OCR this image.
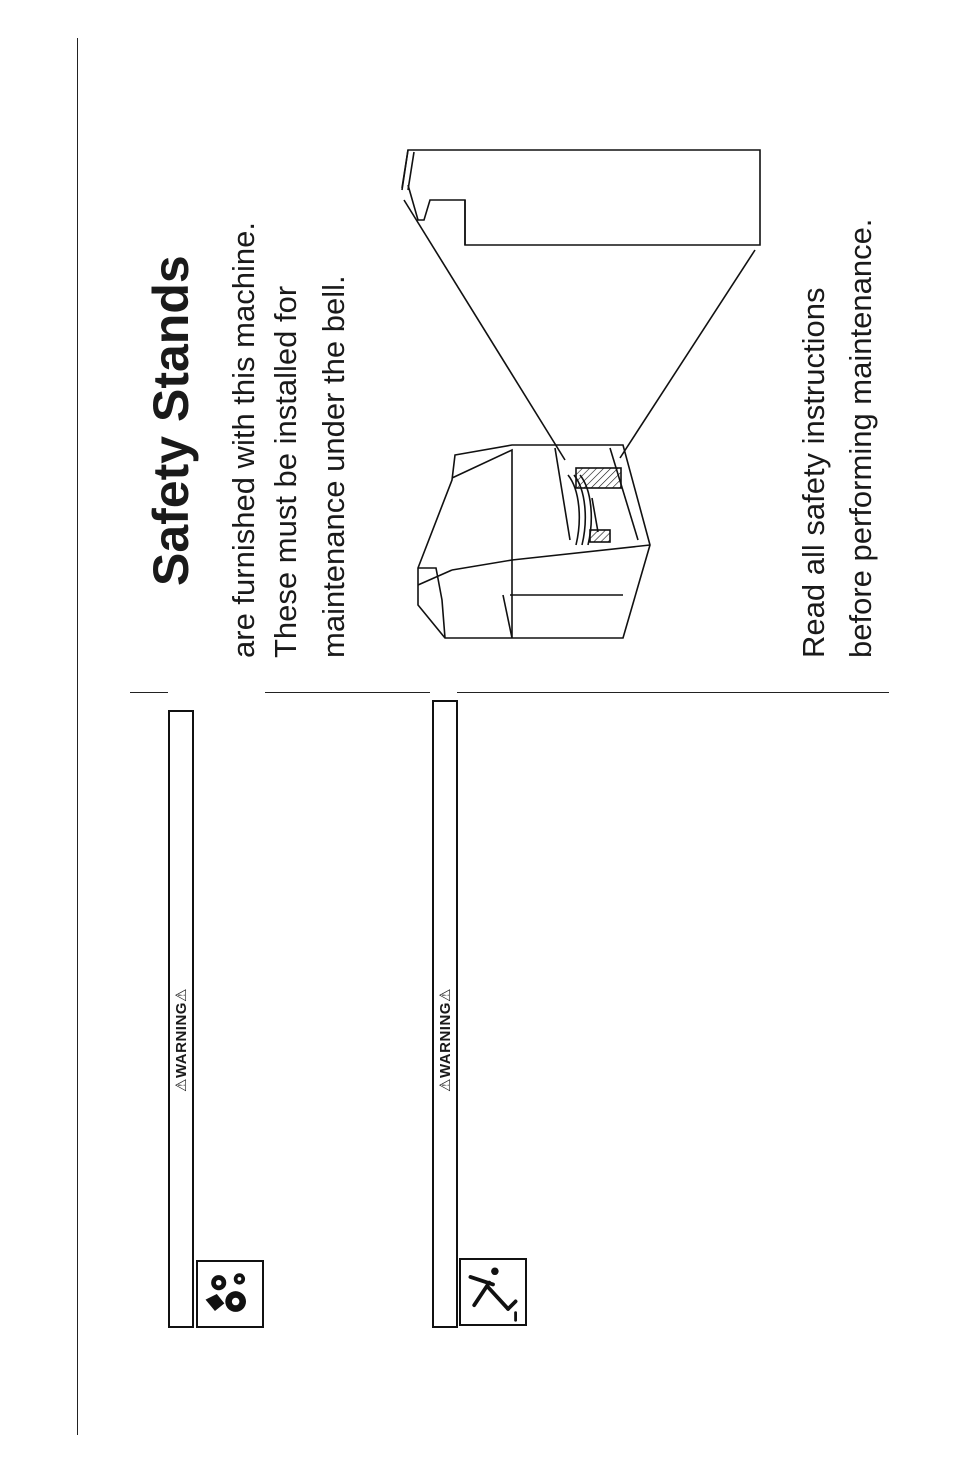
Safety Stands are furnished with this machine. These must be installed for maintenance under the bell.	Read all safety instructions before performing maintenance.
⚠WARNING⚠	⚠WARNING⚠
